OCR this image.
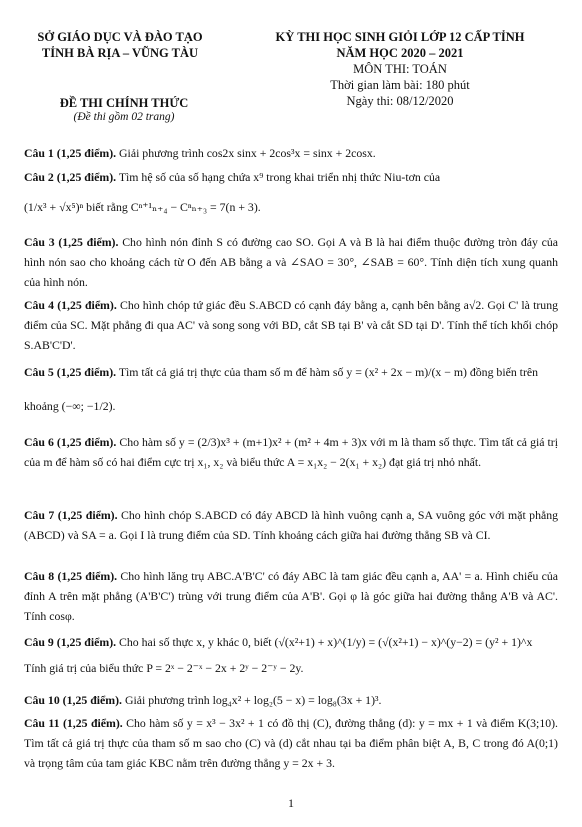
SỞ GIÁO DỤC VÀ ĐÀO TẠO
TỈNH BÀ RỊA – VŨNG TÀU
KỲ THI HỌC SINH GIỎI LỚP 12 CẤP TỈNH
NĂM HỌC 2020 – 2021
MÔN THI: TOÁN
Thời gian làm bài: 180 phút
Ngày thi: 08/12/2020
ĐỀ THI CHÍNH THỨC
(Đề thi gồm 02 trang)
Câu 1 (1,25 điểm). Giải phương trình cos2x sinx + 2cos³x = sinx + 2cosx.
Câu 2 (1,25 điểm). Tìm hệ số của số hạng chứa x⁹ trong khai triển nhị thức Niu-tơn của
(1/x³ + √x⁵)ⁿ biết rằng Cⁿ⁺¹ₙ₊₄ − Cⁿₙ₊₃ = 7(n + 3).
Câu 3 (1,25 điểm). Cho hình nón đỉnh S có đường cao SO. Gọi A và B là hai điểm thuộc đường tròn đáy của hình nón sao cho khoảng cách từ O đến AB bằng a và ∠SAO = 30°, ∠SAB = 60°. Tính diện tích xung quanh của hình nón.
Câu 4 (1,25 điểm). Cho hình chóp tứ giác đều S.ABCD có cạnh đáy bằng a, cạnh bên bằng a√2. Gọi C' là trung điểm của SC. Mặt phẳng đi qua AC' và song song với BD, cắt SB tại B' và cắt SD tại D'. Tính thể tích khối chóp S.AB'C'D'.
Câu 5 (1,25 điểm). Tìm tất cả giá trị thực của tham số m để hàm số y = (x² + 2x − m)/(x − m) đồng biến trên
khoảng (−∞; −1/2).
Câu 6 (1,25 điểm). Cho hàm số y = (2/3)x³ + (m+1)x² + (m² + 4m + 3)x với m là tham số thực. Tìm tất cả giá trị của m để hàm số có hai điểm cực trị x₁, x₂ và biểu thức A = x₁x₂ − 2(x₁ + x₂) đạt giá trị nhỏ nhất.
Câu 7 (1,25 điểm). Cho hình chóp S.ABCD có đáy ABCD là hình vuông cạnh a, SA vuông góc với mặt phẳng (ABCD) và SA = a. Gọi I là trung điểm của SD. Tính khoảng cách giữa hai đường thẳng SB và CI.
Câu 8 (1,25 điểm). Cho hình lăng trụ ABC.A'B'C' có đáy ABC là tam giác đều cạnh a, AA' = a. Hình chiếu của đỉnh A trên mặt phẳng (A'B'C') trùng với trung điểm của A'B'. Gọi φ là góc giữa hai đường thẳng A'B và AC'. Tính cosφ.
Câu 9 (1,25 điểm). Cho hai số thực x, y khác 0, biết (√(x²+1) + x)^(1/y) = (√(x²+1) − x)^(y−2) = (y² + 1)^x
Tính giá trị của biểu thức P = 2ˣ − 2⁻ˣ − 2x + 2ʸ − 2⁻ʸ − 2y.
Câu 10 (1,25 điểm). Giải phương trình log₄x² + log₂(5 − x) = log₈(3x + 1)³.
Câu 11 (1,25 điểm). Cho hàm số y = x³ − 3x² + 1 có đồ thị (C), đường thẳng (d): y = mx + 1 và điểm K(3;10). Tìm tất cả giá trị thực của tham số m sao cho (C) và (d) cắt nhau tại ba điểm phân biệt A, B, C trong đó A(0;1) và trọng tâm của tam giác KBC nằm trên đường thẳng y = 2x + 3.
1
